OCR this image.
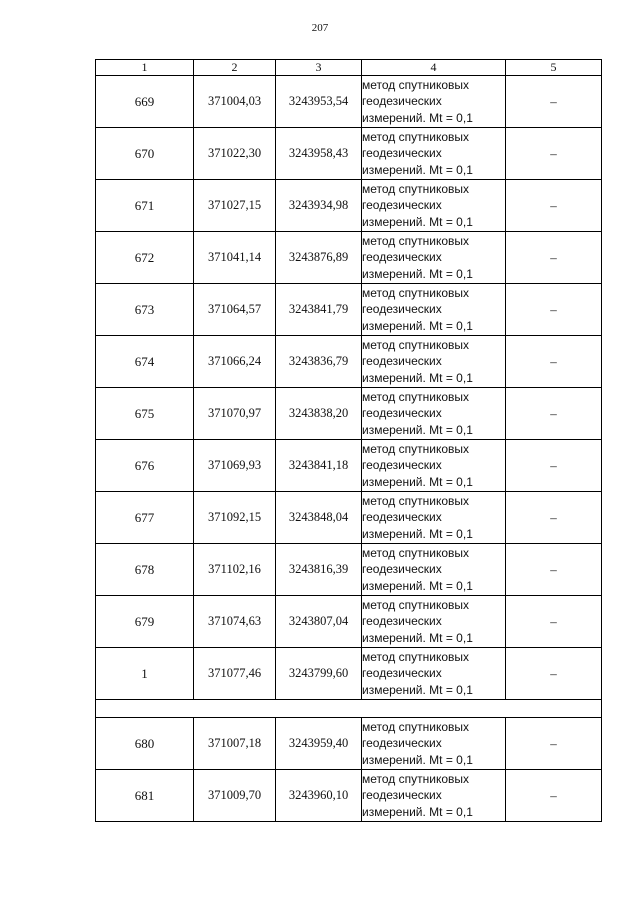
207
1	2	3	4	5
669	371004,03	3243953,54	метод спутниковых
геодезических
измерений. Mt = 0,1	–
670	371022,30	3243958,43	метод спутниковых
геодезических
измерений. Mt = 0,1	–
671	371027,15	3243934,98	метод спутниковых
геодезических
измерений. Mt = 0,1	–
672	371041,14	3243876,89	метод спутниковых
геодезических
измерений. Mt = 0,1	–
673	371064,57	3243841,79	метод спутниковых
геодезических
измерений. Mt = 0,1	–
674	371066,24	3243836,79	метод спутниковых
геодезических
измерений. Mt = 0,1	–
675	371070,97	3243838,20	метод спутниковых
геодезических
измерений. Mt = 0,1	–
676	371069,93	3243841,18	метод спутниковых
геодезических
измерений. Mt = 0,1	–
677	371092,15	3243848,04	метод спутниковых
геодезических
измерений. Mt = 0,1	–
678	371102,16	3243816,39	метод спутниковых
геодезических
измерений. Mt = 0,1	–
679	371074,63	3243807,04	метод спутниковых
геодезических
измерений. Mt = 0,1	–
1	371077,46	3243799,60	метод спутниковых
геодезических
измерений. Mt = 0,1	–

680	371007,18	3243959,40	метод спутниковых
геодезических
измерений. Mt = 0,1	–
681	371009,70	3243960,10	метод спутниковых
геодезических
измерений. Mt = 0,1	–
